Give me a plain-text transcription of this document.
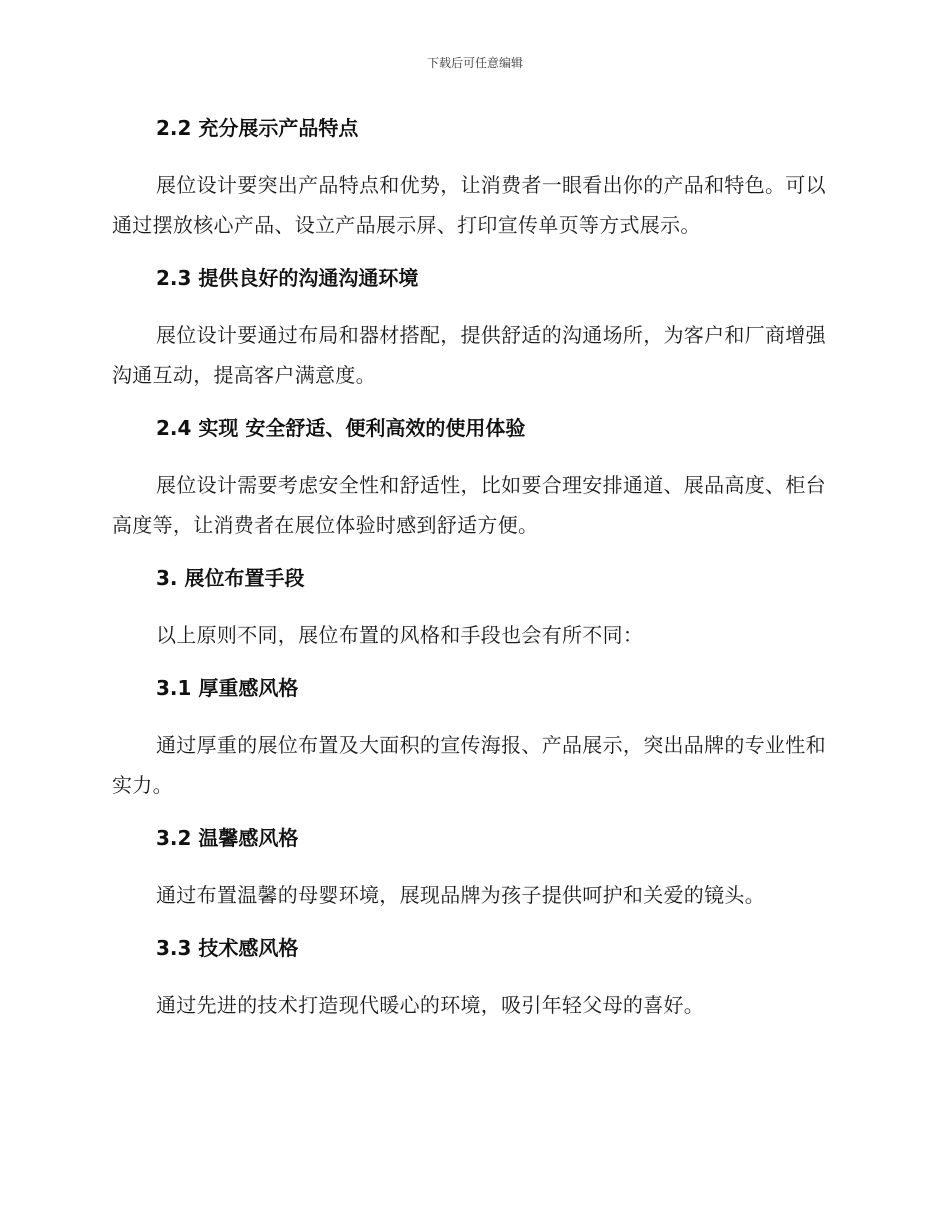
下载后可任意编辑
2.2 充分展示产品特点

展位设计要突出产品特点和优势，让消费者一眼看出你的产品和特色。可以通过摆放核心产品、设立产品展示屏、打印宣传单页等方式展示。

2.3 提供良好的沟通沟通环境

展位设计要通过布局和器材搭配，提供舒适的沟通场所，为客户和厂商增强沟通互动，提高客户满意度。

2.4 实现 安全舒适、便利高效的使用体验

展位设计需要考虑安全性和舒适性，比如要合理安排通道、展品高度、柜台高度等，让消费者在展位体验时感到舒适方便。

3. 展位布置手段

以上原则不同，展位布置的风格和手段也会有所不同：

3.1 厚重感风格

通过厚重的展位布置及大面积的宣传海报、产品展示，突出品牌的专业性和实力。

3.2 温馨感风格

通过布置温馨的母婴环境，展现品牌为孩子提供呵护和关爱的镜头。

3.3 技术感风格

通过先进的技术打造现代暖心的环境，吸引年轻父母的喜好。
